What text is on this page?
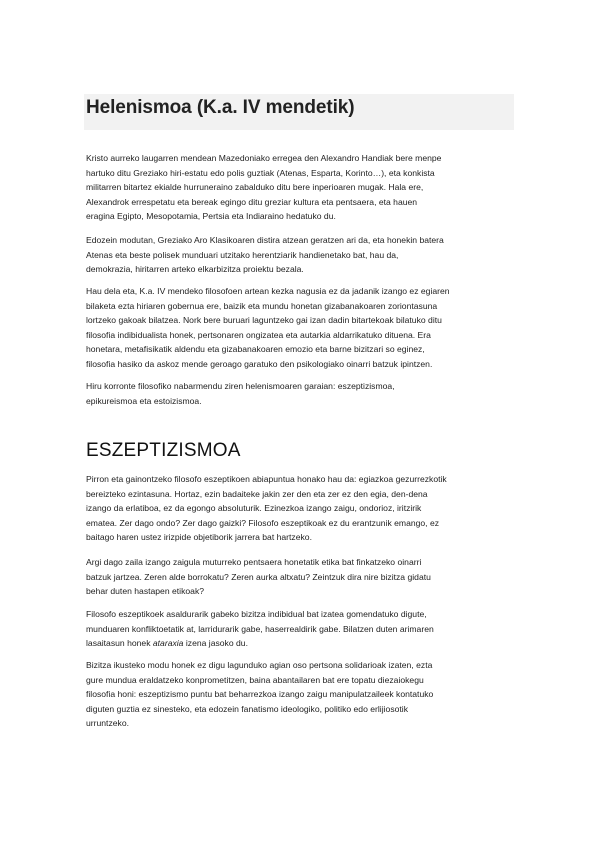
Helenismoa (K.a. IV mendetik)
Kristo aurreko laugarren mendean Mazedoniako erregea den Alexandro Handiak bere menpe
hartuko ditu Greziako hiri-estatu edo polis guztiak (Atenas, Esparta, Korinto…), eta konkista
militarren bitartez ekialde hurruneraino zabalduko ditu bere inperioaren mugak. Hala ere,
Alexandrok errespetatu eta bereak egingo ditu greziar kultura eta pentsaera, eta hauen
eragina Egipto, Mesopotamia, Pertsia eta Indiaraino hedatuko du.
Edozein modutan, Greziako Aro Klasikoaren distira atzean geratzen ari da, eta honekin batera
Atenas eta beste polisek munduari utzitako herentziarik handienetako bat, hau da,
demokrazia, hiritarren arteko elkarbizitza proiektu bezala.
Hau dela eta, K.a. IV mendeko filosofoen artean kezka nagusia ez da jadanik izango ez egiaren
bilaketa ezta hiriaren gobernua ere, baizik eta mundu honetan gizabanakoaren zoriontasuna
lortzeko gakoak bilatzea. Nork bere buruari laguntzeko gai izan dadin bitartekoak bilatuko ditu
filosofia indibidualista honek, pertsonaren ongizatea eta autarkia aldarrikatuko dituena. Era
honetara, metafisikatik aldendu eta gizabanakoaren emozio eta barne bizitzari so eginez,
filosofia hasiko da askoz mende geroago garatuko den psikologiako oinarri batzuk ipintzen.
Hiru korronte filosofiko nabarmendu ziren helenismoaren garaian: eszeptizismoa,
epikureismoa eta estoizismoa.
ESZEPTIZISMOA
Pirron eta gainontzeko filosofo eszeptikoen abiapuntua honako hau da: egiazkoa gezurrezkotik
bereizteko ezintasuna. Hortaz, ezin badaiteke jakin zer den eta zer ez den egia, den-dena
izango da erlatiboa, ez da egongo absoluturik. Ezinezkoa izango zaigu, ondorioz, iritzirik
ematea. Zer dago ondo? Zer dago gaizki? Filosofo eszeptikoak ez du erantzunik emango, ez
baitago haren ustez irizpide objetiborik jarrera bat hartzeko.
Argi dago zaila izango zaigula muturreko pentsaera honetatik etika bat finkatzeko oinarri
batzuk jartzea. Zeren alde borrokatu? Zeren aurka altxatu? Zeintzuk dira nire bizitza gidatu
behar duten hastapen etikoak?
Filosofo eszeptikoek asaldurarik gabeko bizitza indibidual bat izatea gomendatuko digute,
munduaren konfliktoetatik at, larridurarik gabe, haserrealdirik gabe. Bilatzen duten arimaren
lasaitasun honek ataraxia izena jasoko du.
Bizitza ikusteko modu honek ez digu lagunduko agian oso pertsona solidarioak izaten, ezta
gure mundua eraldatzeko konprometitzen, baina abantailaren bat ere topatu diezaiokegu
filosofia honi: eszeptizismo puntu bat beharrezkoa izango zaigu manipulatzaileek kontatuko
diguten guztia ez sinesteko, eta edozein fanatismo ideologiko, politiko edo erlijiosotik
urruntzeko.
